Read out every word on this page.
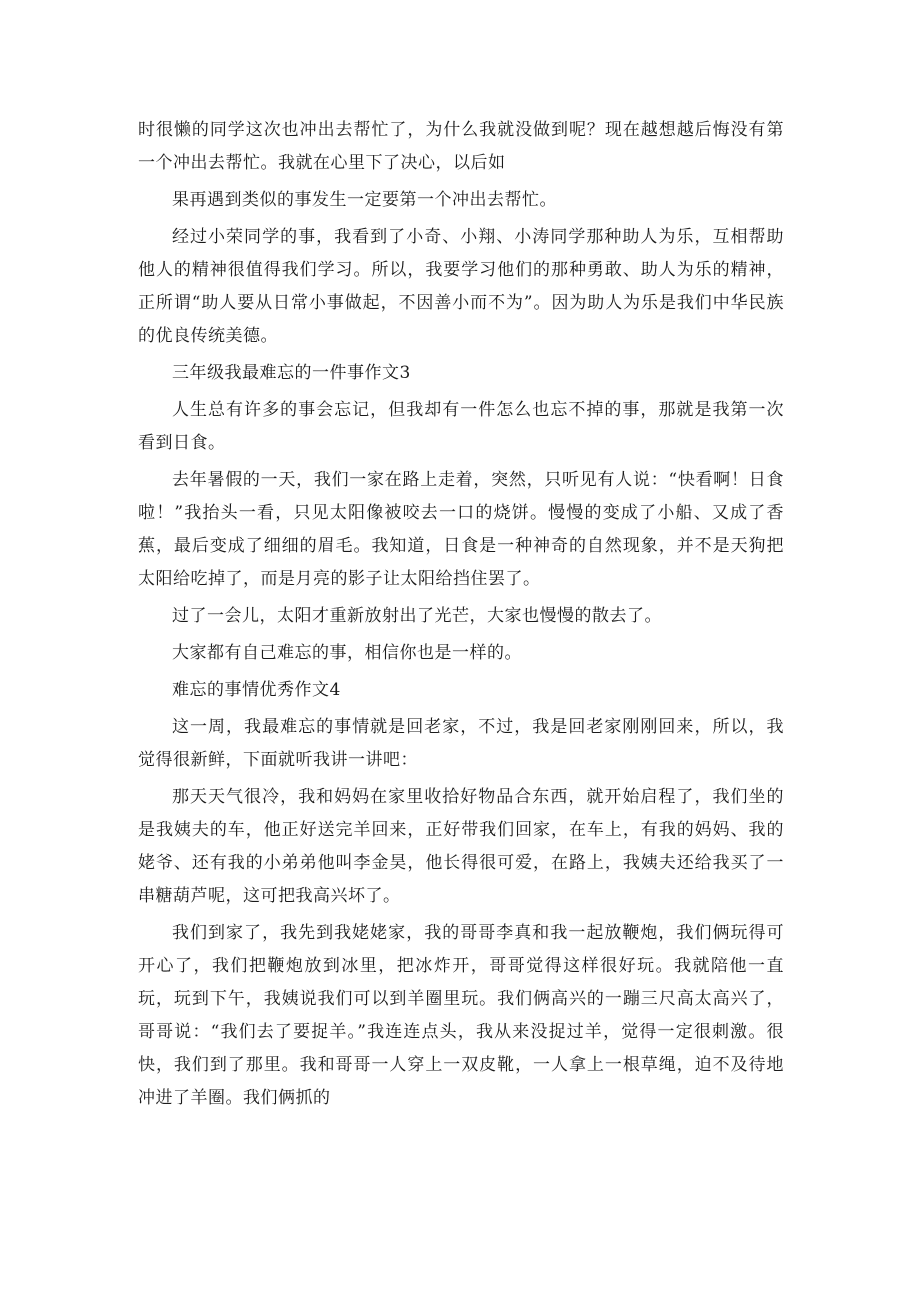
时很懒的同学这次也冲出去帮忙了，为什么我就没做到呢？现在越想越后悔没有第一个冲出去帮忙。我就在心里下了决心，以后如

果再遇到类似的事发生一定要第一个冲出去帮忙。

经过小荣同学的事，我看到了小奇、小翔、小涛同学那种助人为乐，互相帮助他人的精神很值得我们学习。所以，我要学习他们的那种勇敢、助人为乐的精神，正所谓“助人要从日常小事做起，不因善小而不为”。因为助人为乐是我们中华民族的优良传统美德。

三年级我最难忘的一件事作文3

人生总有许多的事会忘记，但我却有一件怎么也忘不掉的事，那就是我第一次看到日食。

去年暑假的一天，我们一家在路上走着，突然，只听见有人说：“快看啊！日食啦！”我抬头一看，只见太阳像被咬去一口的烧饼。慢慢的变成了小船、又成了香蕉，最后变成了细细的眉毛。我知道，日食是一种神奇的自然现象，并不是天狗把太阳给吃掉了，而是月亮的影子让太阳给挡住罢了。

过了一会儿，太阳才重新放射出了光芒，大家也慢慢的散去了。

大家都有自己难忘的事，相信你也是一样的。

难忘的事情优秀作文4

这一周，我最难忘的事情就是回老家，不过，我是回老家刚刚回来，所以，我觉得很新鲜，下面就听我讲一讲吧：

那天天气很冷，我和妈妈在家里收拾好物品合东西，就开始启程了，我们坐的是我姨夫的车，他正好送完羊回来，正好带我们回家，在车上，有我的妈妈、我的姥爷、还有我的小弟弟他叫李金昊，他长得很可爱，在路上，我姨夫还给我买了一串糖葫芦呢，这可把我高兴坏了。

我们到家了，我先到我姥姥家，我的哥哥李真和我一起放鞭炮，我们俩玩得可开心了，我们把鞭炮放到冰里，把冰炸开，哥哥觉得这样很好玩。我就陪他一直玩，玩到下午，我姨说我们可以到羊圈里玩。我们俩高兴的一蹦三尺高太高兴了，哥哥说：“我们去了要捉羊。”我连连点头，我从来没捉过羊，觉得一定很刺激。很快，我们到了那里。我和哥哥一人穿上一双皮靴，一人拿上一根草绳，迫不及待地冲进了羊圈。我们俩抓的
